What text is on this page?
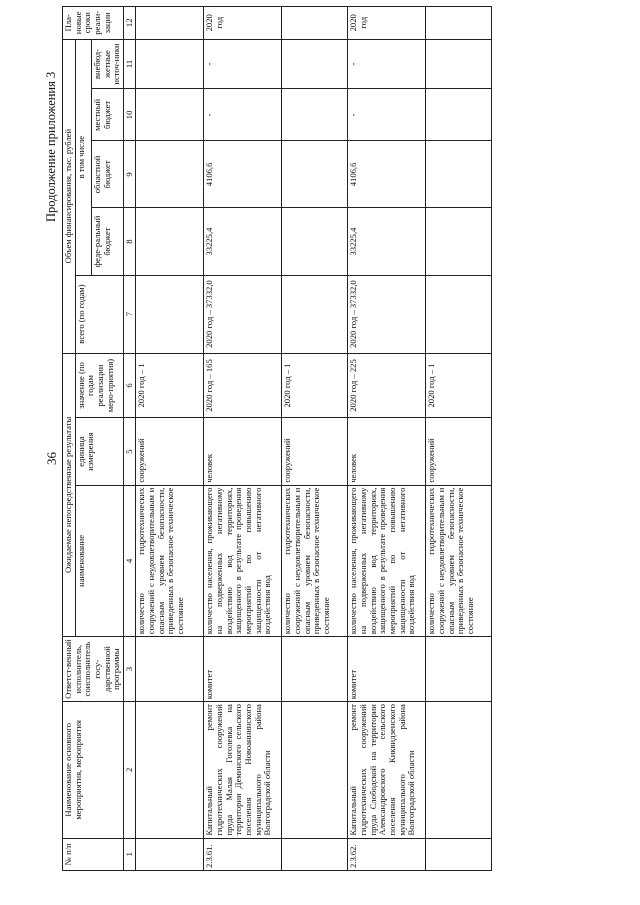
36
Продолжение приложения 3
№ п/п	Наименование основного мероприятия, мероприятия	Ответст-венный исполнитель, соисполнитель госу-дарственной программы	Ожидаемые непосредственные результаты			Объем финансирования, тыс. рублей					Пла-новые сроки реали-зации
			наименование	единица измерения	значение (по годам реализации меро-приятия)	всего (по годам)	в том числе				
							феде-ральный бюджет	областной бюджет	местный бюджет	внебюд-жетные источ-ники	
1	2	3	4	5	6	7	8	9	10	11	12
			количество гидротехнических сооружений с неудовлетворительным и опасным уровнем безопасности, приведенных в безопасное техническое состояние	сооружений	2020 год – 1						
2.3.61.	Капитальный ремонт гидротехнических сооружений пруда Малая Гоголевка на территории Деминского сельского поселения Новоаннинского муниципального района Волгоградской области	комитет	количество населения, проживающего на подверженных негативному воздействию вод территориях, защищенного в результате проведения мероприятий по повышению защищенности от негативного воздействия вод	человек	2020 год – 165	2020 год – 37332,0	33225,4	4106,6	-	-	2020 год
			количество гидротехнических сооружений с неудовлетворительным и опасным уровнем безопасности, приведенных в безопасное техническое состояние	сооружений	2020 год – 1						
2.3.62.	Капитальный ремонт гидротехнических сооружений пруда Слободской на территории Александровского сельского поселения Киквидзенского муниципального района Волгоградской области	комитет	количество населения, проживающего на подверженных негативному воздействию вод территориях, защищенного в результате проведения мероприятий по повышению защищенности от негативного воздействия вод	человек	2020 год – 225	2020 год – 37332,0	33225,4	4106,6	-	-	2020 год
			количество гидротехнических сооружений с неудовлетворительным и опасным уровнем безопасности, приведенных в безопасное техническое состояние	сооружений	2020 год – 1						
